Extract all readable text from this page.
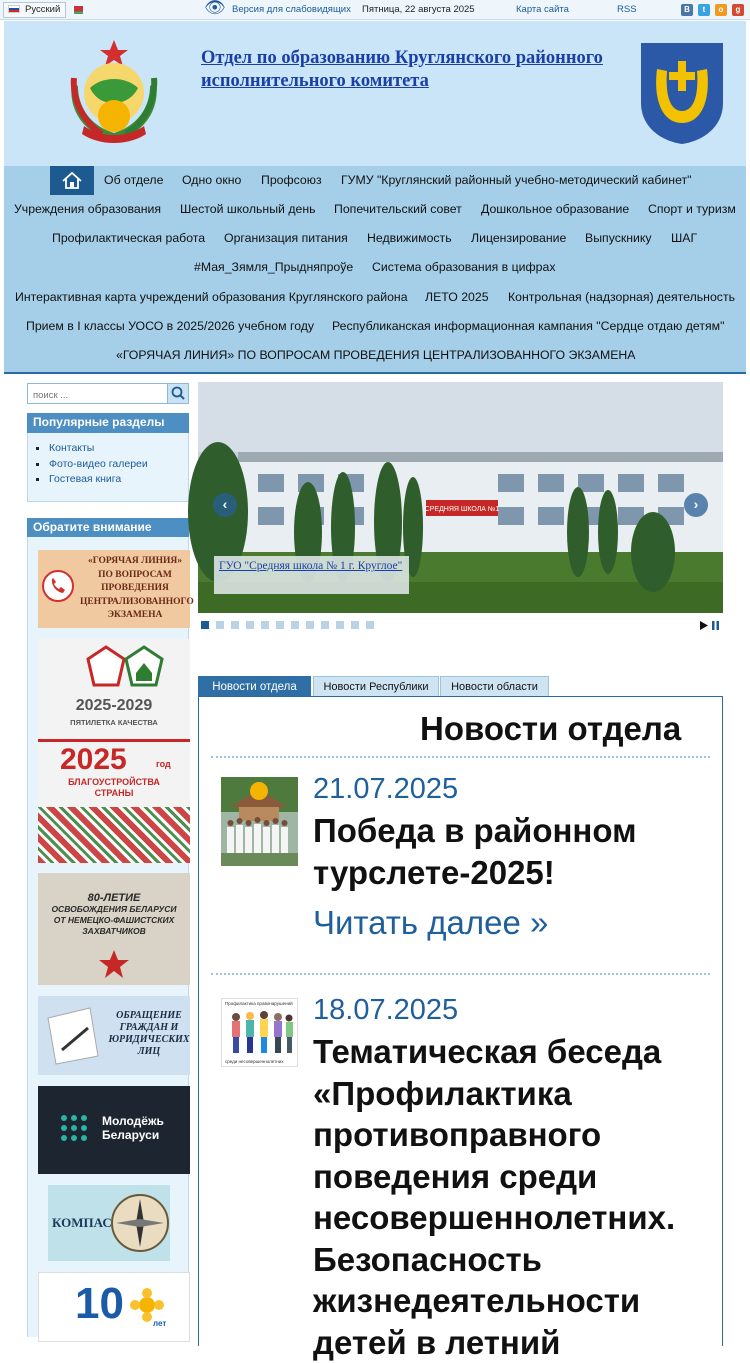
Русский	👁 Версия для слабовидящих Пятница, 22 августа 2025	Карта сайта	RSS	B	t	o	g
Отдел по образованию Круглянского районного исполнительного комитета
Об отделе Одно окно Профсоюз ГУМУ "Круглянский районный учебно-методический кабинет"
Учреждения образования Шестой школьный день Попечительский совет Дошкольное образование Спорт и туризм
Профилактическая работа Организация питания Недвижимость Лицензирование Выпускнику ШАГ
#Мая_Зямля_Прыдняпроўе Система образования в цифрах
Интерактивная карта учреждений образования Круглянского района ЛЕТО 2025 Контрольная (надзорная) деятельность
Прием в I классы УОСО в 2025/2026 учебном году Республиканская информационная кампания "Сердце отдаю детям"
«ГОРЯЧАЯ ЛИНИЯ» ПО ВОПРОСАМ ПРОВЕДЕНИЯ ЦЕНТРАЛИЗОВАННОГО ЭКЗАМЕНА
поиск ...
Популярные разделы
Контакты
Фото-видео галереи
Гостевая книга
Обратите внимание
«ГОРЯЧАЯ ЛИНИЯ»
ПО ВОПРОСАМ
ПРОВЕДЕНИЯ
ЦЕНТРАЛИЗОВАННОГО
ЭКЗАМЕНА
2025-2029
ПЯТИЛЕТКА КАЧЕСТВА
2025	год
БЛАГОУСТРОЙСТВА
СТРАНЫ
80-ЛЕТИЕ
ОСВОБОЖДЕНИЯ БЕЛАРУСИ
ОТ НЕМЕЦКО-ФАШИСТСКИХ
ЗАХВАТЧИКОВ
ОБРАЩЕНИЕ
ГРАЖДАН И
ЮРИДИЧЕСКИХ
ЛИЦ
Молодёжь
Беларуси
КОМПАС
10	лет
СРЕДНЯЯ ШКОЛА №1
ГУО "Средняя школа № 1 г. Круглое"
‹	›
Новости отдела	Новости Республики	Новости области
Новости отдела
21.07.2025
Победа в районном турслете-2025!
Читать далее »
Профилактика правонарушений
среди несовершеннолетних
18.07.2025
Тематическая беседа «Профилактика противоправного поведения среди несовершеннолетних. Безопасность жизнедеятельности детей в летний
